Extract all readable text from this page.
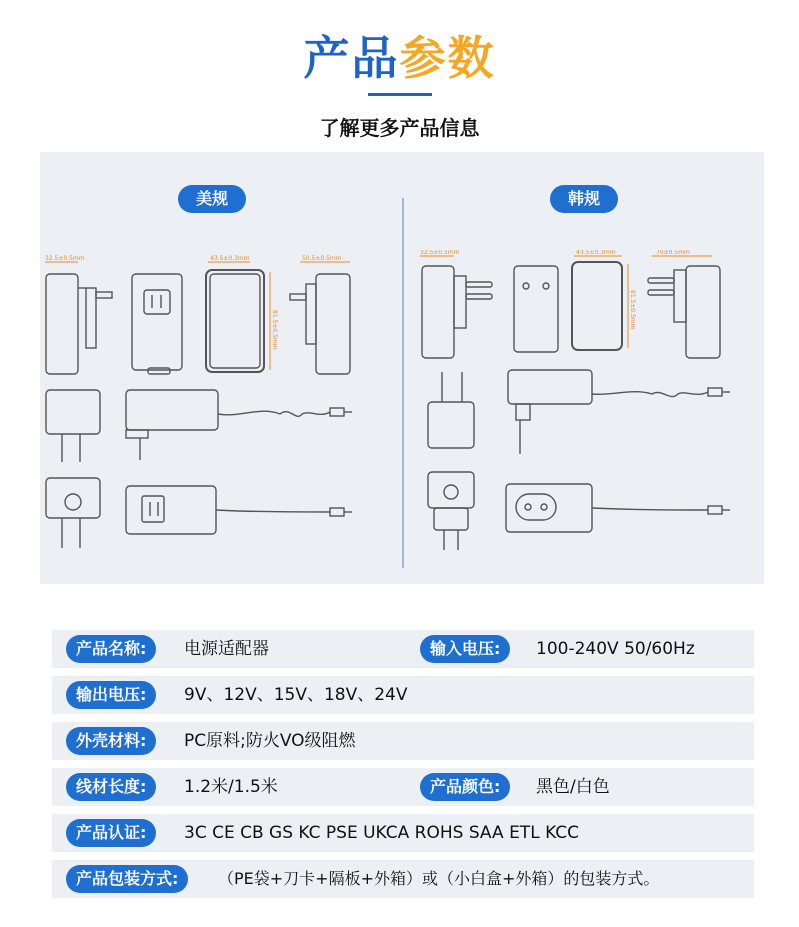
产品参数
了解更多产品信息
美规	韩规
32.5±0.5mm	43.5±0.3mm
81.5±0.5mm
50.5±0.5mm
32.5±0.5mm	43.5±0.3mm
81.5±0.5mm
70±0.5mm
产品名称:	电源适配器	输入电压:	100-240V 50/60Hz
输出电压:	9V、12V、15V、18V、24V
外壳材料:	PC原料;防火VO级阻燃
线材长度:	1.2米/1.5米	产品颜色:	黑色/白色
产品认证:	3C CE CB GS KC PSE UKCA ROHS SAA ETL KCC
产品包装方式:	（PE袋+刀卡+隔板+外箱）或（小白盒+外箱）的包装方式。
